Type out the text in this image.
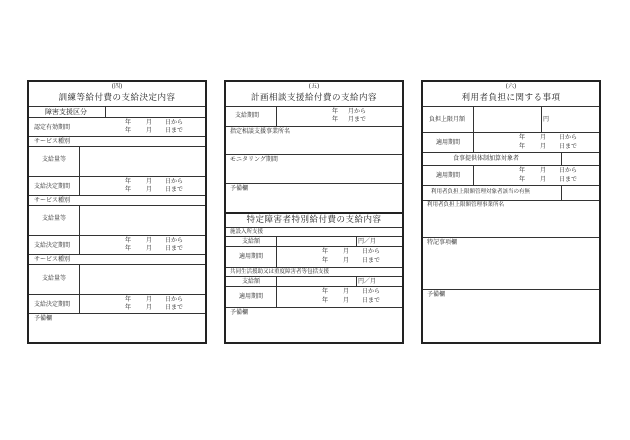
(四)
訓練等給付費の支給決定内容
障害支援区分
認定有効期間
年 月 日から
年 月 日まで
サービス種別
支給量等
支給決定期間
年 月 日から
年 月 日まで
サービス種別
支給量等
支給決定期間
年 月 日から
年 月 日まで
サービス種別
支給量等
支給決定期間
年 月 日から
年 月 日まで
予備欄
(五)
計画相談支援給付費の支給内容
支給期間
年 月から
年 月まで
指定相談支援事業所名
モニタリング期間
予備欄
特定障害者特別給付費の支給内容
施設入所支援
支給額	円／月
適用期間
年 月 日から
年 月 日まで
共同生活援助又は重度障害者等包括支援
支給額	円／月
適用期間
年 月 日から
年 月 日まで
予備欄
(六)
利用者負担に関する事項
負担上限月額	円
適用期間
年 月 日から
年 月 日まで
食事提供体制加算対象者
適用期間
年 月 日から
年 月 日まで
利用者負担上限額管理対象者該当の有無
利用者負担上限額管理事業所名
特記事項欄
予備欄
